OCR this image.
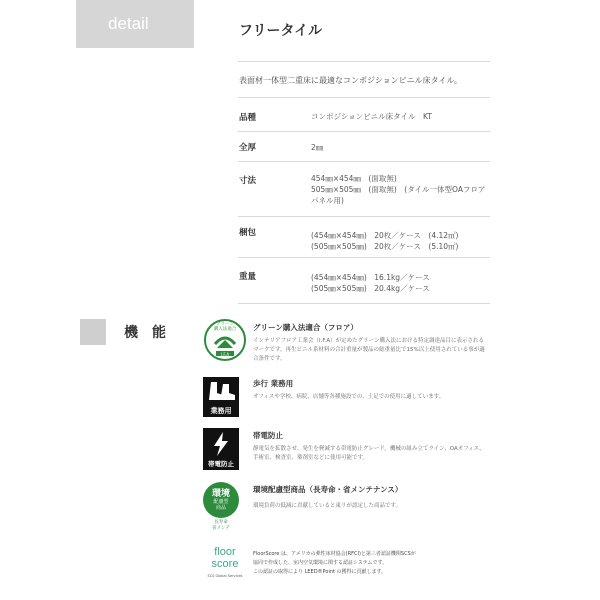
detail	フリータイル
表面材一体型二重床に最適なコンポジションビニル床タイル。
品種	コンポジションビニル床タイル　KT
全厚	2㎜
寸法	454㎜×454㎜　(面取無)
505㎜×505㎜　(面取無)　(タイル一体型OAフロア
パネル用)
梱包	(454㎜×454㎜)　20枚／ケース　(4.12㎡)
(505㎜×505㎜)　20枚／ケース　(5.10㎡)
重量	(454㎜×454㎜)　16.1kg／ケース
(505㎜×505㎜)　20.4kg／ケース
機能
グリーン
購入法適合
I.F.A
グリーン購入法適合（フロア）
インテリアフロア工業会（I.F.A）が定めたグリーン購入法における特定調達品目に表示される
マークです。再生ビニル系材料の合計重量が製品の総重量比で15%以上使用されている事が適
合条件です。
業務用
歩行 業務用
オフィスや学校、病院、店舗等各種施設での、土足での使用に適しています。
帯電防止
帯電防止
静電気を拡散させ、発生を軽減する帯電防止グレード。機械の組み立てライン、OAオフィス、
手術室、検査室、薬剤室などに使用可能です。
環境
配慮型
商品
長寿命
省メンテ
環境配慮型商品（長寿命・省メンテナンス）
環境負荷の低減に貢献していると東リが認定した商品です。
floor
score
SCS Global Services
FloorScore は、アメリカの弾性床材協会(RFCI)と第三者認証機関SCSが
協同で作成した、室内空気環境に関する認証システムです。
この認証の取得により LEED®Point の獲得に貢献します。
